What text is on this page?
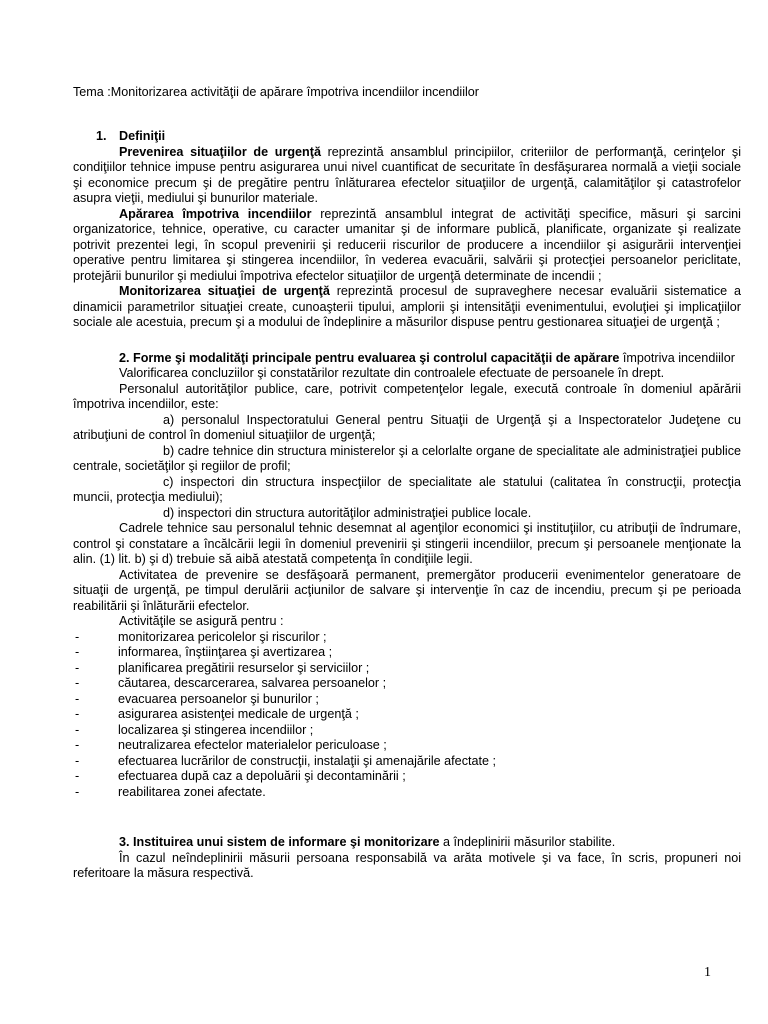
Tema :Monitorizarea activităţii de apărare împotriva incendiilor incendiilor

1. Definiţii

Prevenirea situaţiilor de urgenţă reprezintă ansamblul principiilor, criteriilor de performanţă, cerinţelor şi condiţiilor tehnice impuse pentru asigurarea unui nivel cuantificat de securitate în desfăşurarea normală a vieţii sociale şi economice precum şi de pregătire pentru înlăturarea efectelor situaţiilor de urgenţă, calamităţilor şi catastrofelor asupra vieţii, mediului şi bunurilor materiale.

Apărarea împotriva incendiilor reprezintă ansamblul integrat de activităţi specifice, măsuri şi sarcini organizatorice, tehnice, operative, cu caracter umanitar şi de informare publică, planificate, organizate şi realizate potrivit prezentei legi, în scopul prevenirii şi reducerii riscurilor de producere a incendiilor şi asigurării intervenţiei operative pentru limitarea şi stingerea incendiilor, în vederea evacuării, salvării şi protecţiei persoanelor periclitate, protejării bunurilor şi mediului împotriva efectelor situaţiilor de urgenţă determinate de incendii ;

Monitorizarea situaţiei de urgenţă reprezintă procesul de supraveghere necesar evaluării sistematice a dinamicii parametrilor situaţiei create, cunoaşterii tipului, amplorii şi intensităţii evenimentului, evoluţiei şi implicaţiilor sociale ale acestuia, precum şi a modului de îndeplinire a măsurilor dispuse pentru gestionarea situaţiei de urgenţă ;

2. Forme şi modalităţi principale pentru evaluarea şi controlul capacităţii de apărare împotriva incendiilor

Valorificarea concluziilor şi constatărilor rezultate din controalele efectuate de persoanele în drept.

Personalul autorităţilor publice, care, potrivit competenţelor legale, execută controale în domeniul apărării împotriva incendiilor, este:

a) personalul Inspectoratului General pentru Situaţii de Urgenţă şi a Inspectoratelor Judeţene cu atribuţiuni de control în domeniul situaţiilor de urgenţă;

b) cadre tehnice din structura ministerelor şi a celorlalte organe de specialitate ale administraţiei publice centrale, societăţilor şi regiilor de profil;

c) inspectori din structura inspecţiilor de specialitate ale statului (calitatea în construcţii, protecţia muncii, protecţia mediului);

d) inspectori din structura autorităţilor administraţiei publice locale.

Cadrele tehnice sau personalul tehnic desemnat al agenţilor economici şi instituţiilor, cu atribuţii de îndrumare, control şi constatare a încălcării legii în domeniul prevenirii şi stingerii incendiilor, precum şi persoanele menţionate la alin. (1) lit. b) şi d) trebuie să aibă atestată competenţa în condiţiile legii.

Activitatea de prevenire se desfăşoară permanent, premergător producerii evenimentelor generatoare de situaţii de urgenţă, pe timpul derulării acţiunilor de salvare şi intervenţie în caz de incendiu, precum şi pe perioada reabilitării şi înlăturării efectelor.

Activităţile se asigură pentru :

-	monitorizarea pericolelor şi riscurilor ;
-	informarea, înştiinţarea şi avertizarea ;
-	planificarea pregătirii resurselor şi serviciilor ;
-	căutarea, descarcerarea, salvarea persoanelor ;
-	evacuarea persoanelor şi bunurilor ;
-	asigurarea asistenţei medicale de urgenţă ;
-	localizarea şi stingerea incendiilor ;
-	neutralizarea efectelor materialelor periculoase ;
-	efectuarea lucrărilor de construcţii, instalaţii şi amenajările afectate ;
-	efectuarea după caz a depoluării şi decontaminării ;
-	reabilitarea zonei afectate.

3. Instituirea unui sistem de informare şi monitorizare a îndeplinirii măsurilor stabilite.

În cazul neîndeplinirii măsurii persoana responsabilă va arăta motivele şi va face, în scris, propuneri noi referitoare la măsura respectivă.

1
